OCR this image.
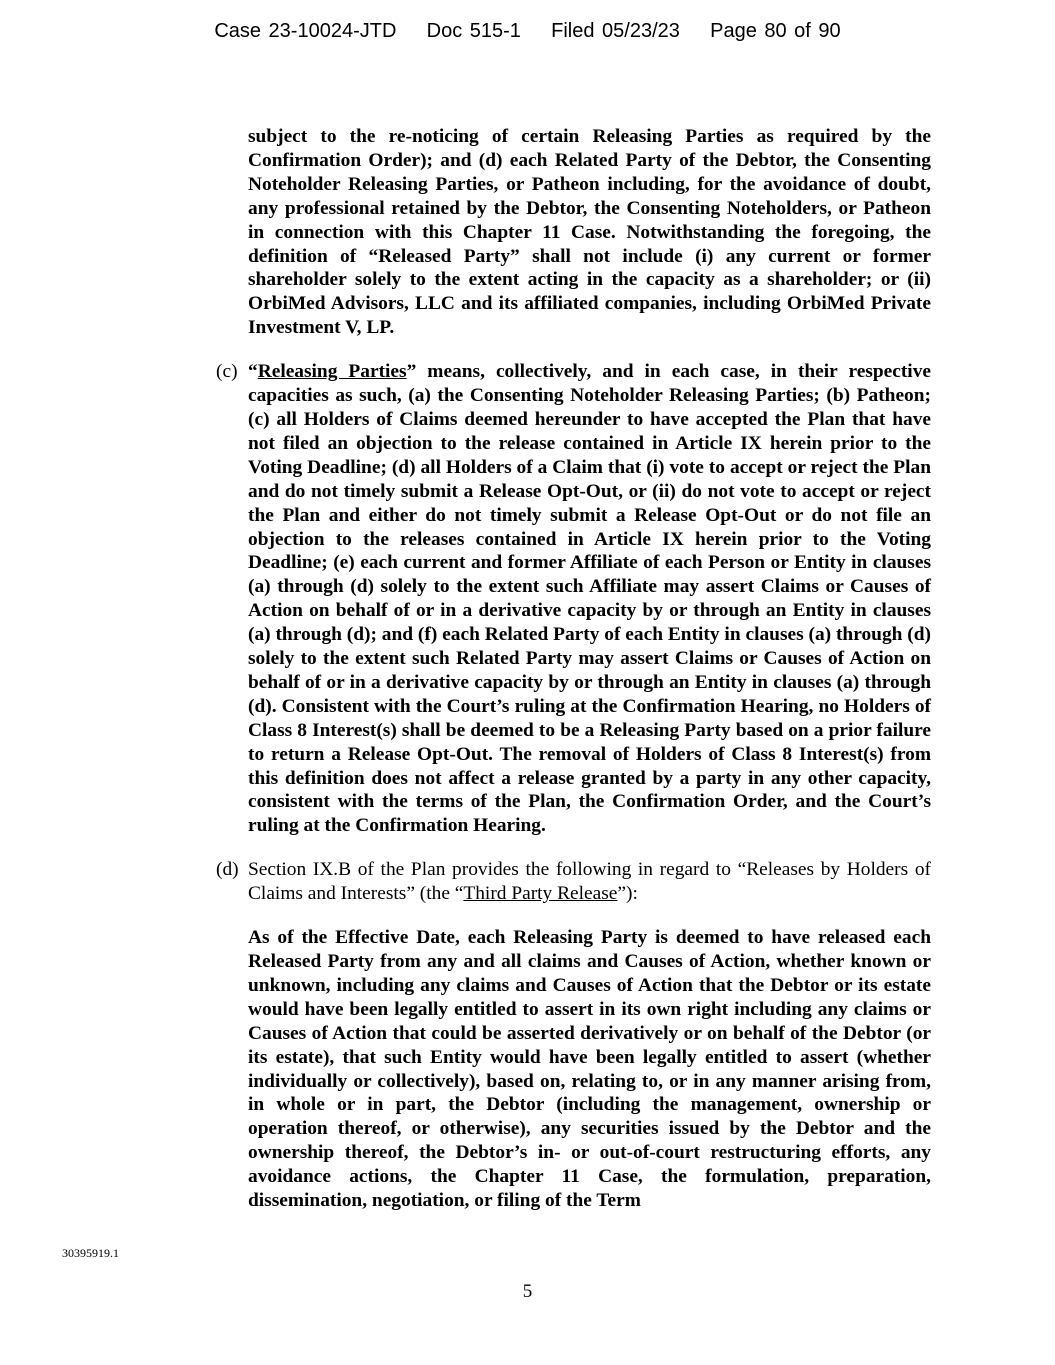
Case 23-10024-JTD    Doc 515-1    Filed 05/23/23    Page 80 of 90

subject to the re-noticing of certain Releasing Parties as required by the Confirmation Order); and (d) each Related Party of the Debtor, the Consenting Noteholder Releasing Parties, or Patheon including, for the avoidance of doubt, any professional retained by the Debtor, the Consenting Noteholders, or Patheon in connection with this Chapter 11 Case. Notwithstanding the foregoing, the definition of “Released Party” shall not include (i) any current or former shareholder solely to the extent acting in the capacity as a shareholder; or (ii) OrbiMed Advisors, LLC and its affiliated companies, including OrbiMed Private Investment V, LP.

(c) “Releasing Parties” means, collectively, and in each case, in their respective capacities as such, (a) the Consenting Noteholder Releasing Parties; (b) Patheon; (c) all Holders of Claims deemed hereunder to have accepted the Plan that have not filed an objection to the release contained in Article IX herein prior to the Voting Deadline; (d) all Holders of a Claim that (i) vote to accept or reject the Plan and do not timely submit a Release Opt-Out, or (ii) do not vote to accept or reject the Plan and either do not timely submit a Release Opt-Out or do not file an objection to the releases contained in Article IX herein prior to the Voting Deadline; (e) each current and former Affiliate of each Person or Entity in clauses (a) through (d) solely to the extent such Affiliate may assert Claims or Causes of Action on behalf of or in a derivative capacity by or through an Entity in clauses (a) through (d); and (f) each Related Party of each Entity in clauses (a) through (d) solely to the extent such Related Party may assert Claims or Causes of Action on behalf of or in a derivative capacity by or through an Entity in clauses (a) through (d). Consistent with the Court’s ruling at the Confirmation Hearing, no Holders of Class 8 Interest(s) shall be deemed to be a Releasing Party based on a prior failure to return a Release Opt-Out. The removal of Holders of Class 8 Interest(s) from this definition does not affect a release granted by a party in any other capacity, consistent with the terms of the Plan, the Confirmation Order, and the Court’s ruling at the Confirmation Hearing.
(d) Section IX.B of the Plan provides the following in regard to “Releases by Holders of Claims and Interests” (the “Third Party Release”):

As of the Effective Date, each Releasing Party is deemed to have released each Released Party from any and all claims and Causes of Action, whether known or unknown, including any claims and Causes of Action that the Debtor or its estate would have been legally entitled to assert in its own right including any claims or Causes of Action that could be asserted derivatively or on behalf of the Debtor (or its estate), that such Entity would have been legally entitled to assert (whether individually or collectively), based on, relating to, or in any manner arising from, in whole or in part, the Debtor (including the management, ownership or operation thereof, or otherwise), any securities issued by the Debtor and the ownership thereof, the Debtor’s in- or out-of-court restructuring efforts, any avoidance actions, the Chapter 11 Case, the formulation, preparation, dissemination, negotiation, or filing of the Term

30395919.1
5
